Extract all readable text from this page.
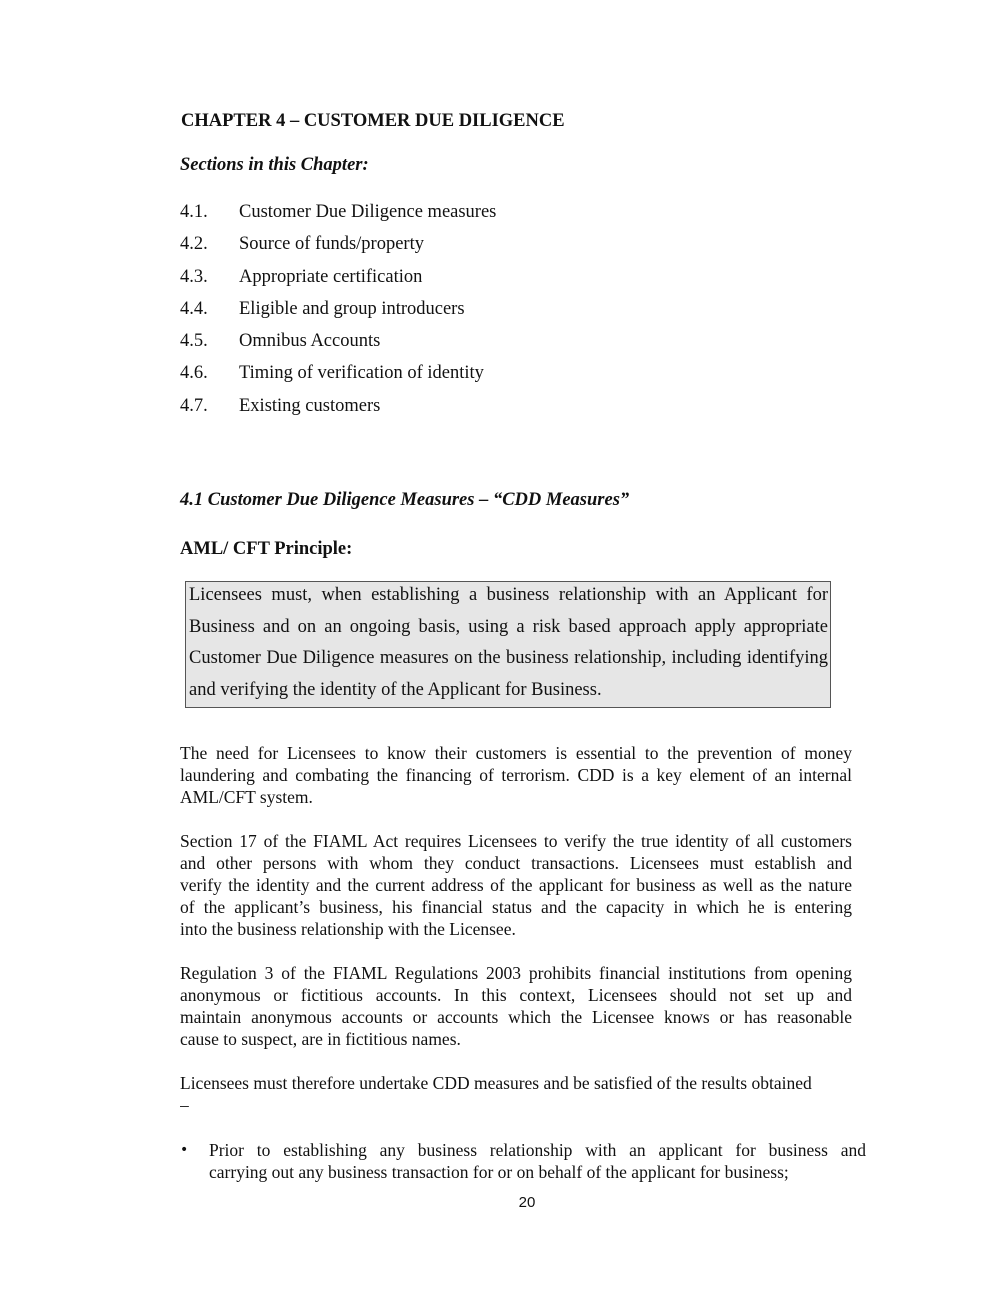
CHAPTER 4 – CUSTOMER DUE DILIGENCE
Sections in this Chapter:
4.1.	Customer Due Diligence measures
4.2.	Source of funds/property
4.3.	Appropriate certification
4.4.	Eligible and group introducers
4.5.	Omnibus Accounts
4.6.	Timing of verification of identity
4.7.	Existing customers
4.1 Customer Due Diligence Measures – “CDD Measures”
AML/ CFT Principle:
Licensees must, when establishing a business relationship with an Applicant for
Business and on an ongoing basis, using a risk based approach apply appropriate
Customer Due Diligence measures on the business relationship, including identifying
and verifying the identity of the Applicant for Business.
The need for Licensees to know their customers is essential to the prevention of money
laundering and combating the financing of terrorism. CDD is a key element of an internal
AML/CFT system.
Section 17 of the FIAML Act requires Licensees to verify the true identity of all customers
and other persons with whom they conduct transactions. Licensees must establish and
verify the identity and the current address of the applicant for business as well as the nature
of the applicant’s business, his financial status and the capacity in which he is entering
into the business relationship with the Licensee.
Regulation 3 of the FIAML Regulations 2003 prohibits financial institutions from opening
anonymous or fictitious accounts. In this context, Licensees should not set up and
maintain anonymous accounts or accounts which the Licensee knows or has reasonable
cause to suspect, are in fictitious names.
Licensees must therefore undertake CDD measures and be satisfied of the results obtained
–
•	Prior to establishing any business relationship with an applicant for business and
carrying out any business transaction for or on behalf of the applicant for business;
20
